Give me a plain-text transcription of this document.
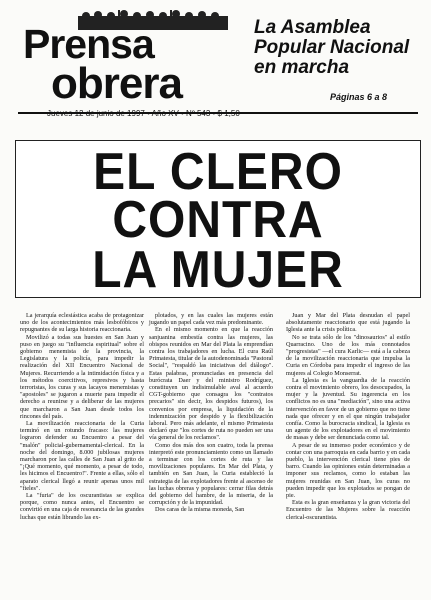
Prensa
obrera
La Asamblea Popular Nacional en marcha
Páginas 6 a 8
EL CLERO
CONTRA
LA MUJER

La jerarquía eclesiástica acaba de protagonizar uno de los acontecimientos más lesbofóbicos y repugnantes de su larga historia reaccionaria.

Movilizó a todas sus huestes en San Juan y puso en juego su "influencia espiritual" sobre el gobierno menemista de la provincia, la Legislatura y la policía, para impedir la realización del XII Encuentro Nacional de Mujeres. Recurriendo a la intimidación física y a los métodos coercitivos, represivos y hasta terroristas, los curas y sus lacayos menemistas y "apostoles" se jugaron a muerte para impedir el derecho a reunirse y a deliberar de las mujeres que marcharon a San Juan desde todos los rincones del país.

La movilización reaccionaria de la Curia terminó en un rotundo fracaso: las mujeres lograron defender su Encuentro a pesar del "malón" policial-gubernamental-clerical. En la noche del domingo, 8.000 jubilosas mujeres marcharon por las calles de San Juan al grito de "¡Qué momento, qué momento, a pesar de todo, les hicimos el Encuentro!". Frente a ellas, sólo el aparato clerical llegó a reunir apenas unos mil "fieles".

La "furia" de los oscurantistas se explica porque, como nunca antes, el Encuentro se convirtió en una caja de resonancia de las grandes luchas que están librando las ex-

plotados, y en las cuales las mujeres están jugando un papel cada vez más predominante.

En el mismo momento en que la reacción sanjuanina embestía contra las mujeres, las obispos reunidos en Mar del Plata la emprendían contra los trabajadores en lucha. El cura Raúl Primatesta, titular de la autodenominada "Pastoral Social", "respaldó las iniciativas del diálogo". Estas palabras, pronunciadas en presencia del burócrata Daer y del ministro Rodríguez, constituyen un indisimulable aval al acuerdo CGT-gobierno que consagra los "contratos precarios" sin decir, los despidos futuros), los convenios por empresa, la liquidación de la indemnización por despido y la flexibilización laboral. Pero más adelante, el mismo Primatesta declaró que "los cortes de ruta no pueden ser una vía general de los reclamos".

Como dos más dos son cuatro, toda la prensa interpretó este pronunciamiento como un llamado a terminar con los cortes de ruta y las movilizaciones populares. En Mar del Plata, y también en San Juan, la Curia estableció la estrategia de las explotadores frente al ascenso de las luchas obreras y populares: cerrar filas detrás del gobierno del hambre, de la miseria, de la corrupción y de la impunidad.

Dos caras de la misma moneda, San

Juan y Mar del Plata desnudan el papel absolutamente reaccionario que está jugando la Iglesia ante la crisis política.

No se trata sólo de los "dinosaurios" al estilo Quarracino. Uno de los más connotados "progresistas" —el cura Karlic— está a la cabeza de la movilización reaccionaria que impulsa la Curia en Córdoba para impedir el ingreso de las mujeres al Colegio Monserrat.

La Iglesia es la vanguardia de la reacción contra el movimiento obrero, los desocupados, la mujer y la juventud. Su ingerencia en los conflictos no es una "mediación", sino una activa intervención en favor de un gobierno que no tiene nada que ofrecer y en el que ningún trabajador confía. Como la burocracia sindical, la Iglesia es un agente de los explotadores en el movimiento de masas y debe ser denunciada como tal.

A pesar de su inmenso poder económico y de contar con una parroquia en cada barrio y en cada pueblo, la intervención clerical tiene pies de barro. Cuando las opiniones están determinadas a imponer sus reclamos, como lo estaban las mujeres reunidas en San Juan, los curas no pueden impedir que los explotados se pongan de pie.

Esta es la gran enseñanza y la gran victoria del Encuentro de las Mujeres sobre la reacción clerical-oscurantista.
